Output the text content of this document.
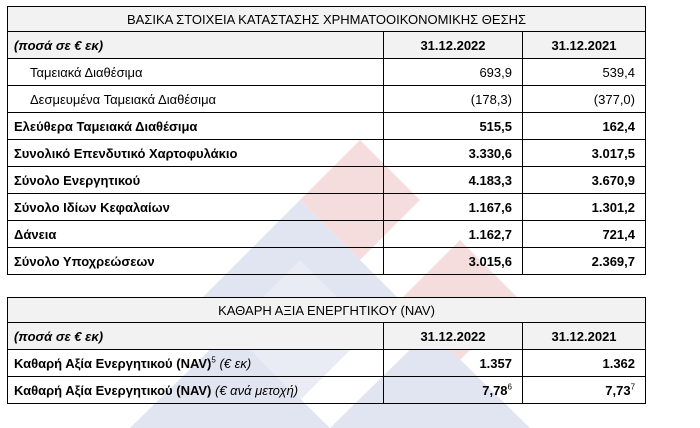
ΒΑΣΙΚΑ ΣΤΟΙΧΕΙΑ ΚΑΤΑΣΤΑΣΗΣ ΧΡΗΜΑΤΟΟΙΚΟΝΟΜΙΚΗΣ ΘΕΣΗΣ		
(ποσά σε € εκ)	31.12.2022	31.12.2021
Ταμειακά Διαθέσιμα	693,9	539,4
Δεσμευμένα Ταμειακά Διαθέσιμα	(178,3)	(377,0)
Ελεύθερα Ταμειακά Διαθέσιμα	515,5	162,4
Συνολικό Επενδυτικό Χαρτοφυλάκιο	3.330,6	3.017,5
Σύνολο Ενεργητικού	4.183,3	3.670,9
Σύνολο Ιδίων Κεφαλαίων	1.167,6	1.301,2
Δάνεια	1.162,7	721,4
Σύνολο Υποχρεώσεων	3.015,6	2.369,7
ΚΑΘΑΡΗ ΑΞΙΑ ΕΝΕΡΓΗΤΙΚΟΥ (NAV)		
(ποσά σε € εκ)	31.12.2022	31.12.2021
Καθαρή Αξία Ενεργητικού (NAV)$^5$ (€ εκ)	1.357	1.362
Καθαρή Αξία Ενεργητικού (NAV) (€ ανά μετοχή)	7,78$^6$	7,73$^7$
